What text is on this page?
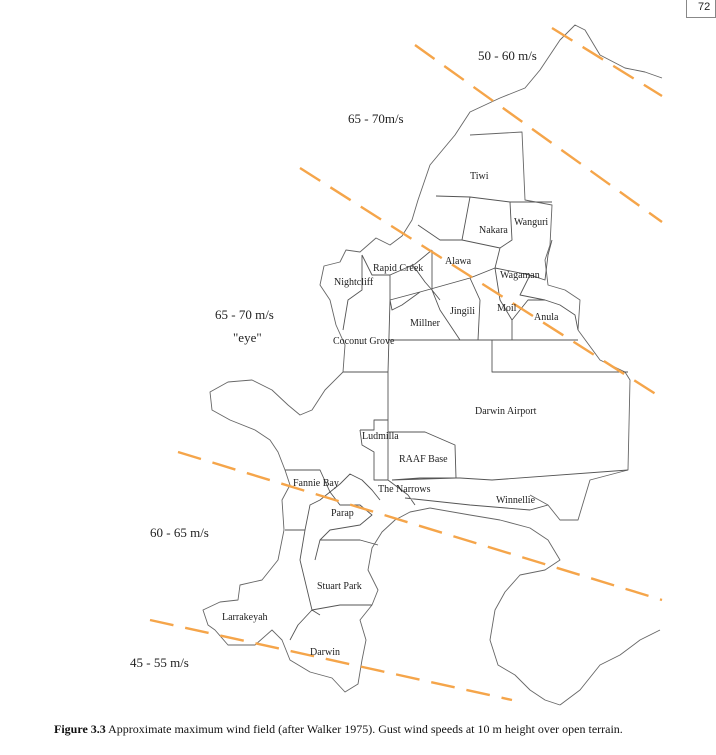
72
50 - 60 m/s
65 - 70m/s
65 - 70 m/s
"eye"
60 - 65 m/s
45 - 55 m/s
Tiwi
Wanguri
Nakara
Alawa
Rapid Creek
Nightcliff
Wagaman
Moil
Jingili
Anula
Millner
Coconut Grove
Darwin Airport
Ludmilla
RAAF Base
Fannie Bay
The Narrows
Winnellie
Parap
Stuart Park
Larrakeyah
Darwin
Figure 3.3 Approximate maximum wind field (after Walker 1975). Gust wind speeds at 10 m height over open terrain.
